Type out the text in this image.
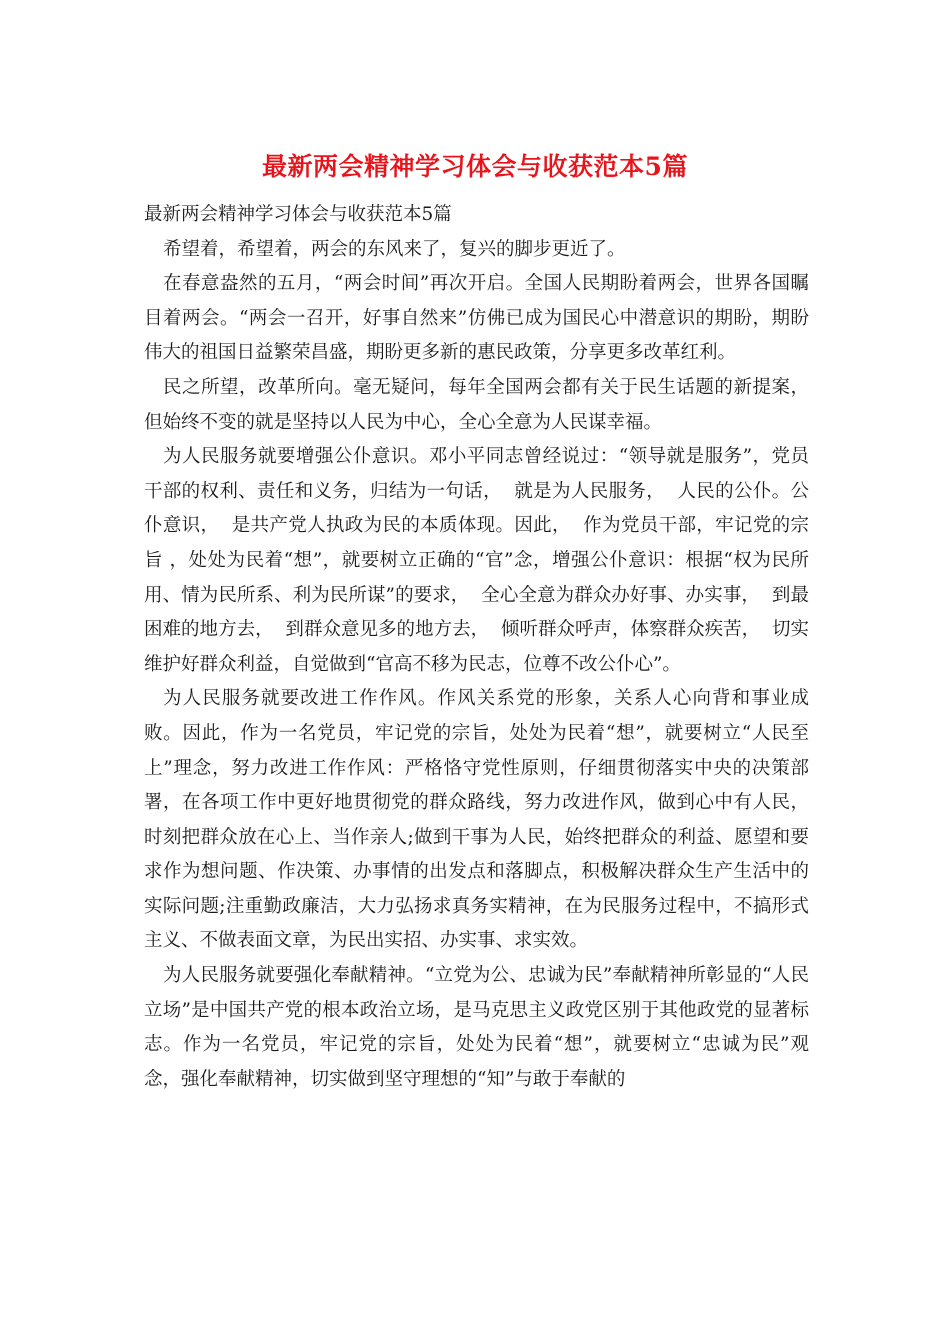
最新两会精神学习体会与收获范本5篇

最新两会精神学习体会与收获范本5篇

希望着，希望着，两会的东风来了，复兴的脚步更近了。

在春意盎然的五月，“两会时间”再次开启。全国人民期盼着两会，世界各国瞩目着两会。“两会一召开，好事自然来”仿佛已成为国民心中潜意识的期盼，期盼伟大的祖国日益繁荣昌盛，期盼更多新的惠民政策，分享更多改革红利。

民之所望，改革所向。毫无疑问，每年全国两会都有关于民生话题的新提案，但始终不变的就是坚持以人民为中心，全心全意为人民谋幸福。

为人民服务就要增强公仆意识。邓小平同志曾经说过：“领导就是服务”，党员干部的权利、责任和义务，归结为一句话，  就是为人民服务，  人民的公仆。公仆意识，  是共产党人执政为民的本质体现。因此，  作为党员干部，牢记党的宗旨 ，处处为民着“想”，就要树立正确的“官”念，增强公仆意识：根据“权为民所用、情为民所系、利为民所谋”的要求，  全心全意为群众办好事、办实事，  到最困难的地方去，  到群众意见多的地方去，  倾听群众呼声，体察群众疾苦，  切实维护好群众利益，自觉做到“官高不移为民志，位尊不改公仆心”。

为人民服务就要改进工作作风。作风关系党的形象，关系人心向背和事业成败。因此，作为一名党员，牢记党的宗旨，处处为民着“想”，就要树立“人民至上”理念，努力改进工作作风：严格恪守党性原则，仔细贯彻落实中央的决策部署，在各项工作中更好地贯彻党的群众路线，努力改进作风，做到心中有人民，时刻把群众放在心上、当作亲人;做到干事为人民，始终把群众的利益、愿望和要求作为想问题、作决策、办事情的出发点和落脚点，积极解决群众生产生活中的实际问题;注重勤政廉洁，大力弘扬求真务实精神，在为民服务过程中，不搞形式主义、不做表面文章，为民出实招、办实事、求实效。

为人民服务就要强化奉献精神。“立党为公、忠诚为民”奉献精神所彰显的“人民立场”是中国共产党的根本政治立场，是马克思主义政党区别于其他政党的显著标志。作为一名党员，牢记党的宗旨，处处为民着“想”，就要树立“忠诚为民”观念，强化奉献精神，切实做到坚守理想的“知”与敢于奉献的
